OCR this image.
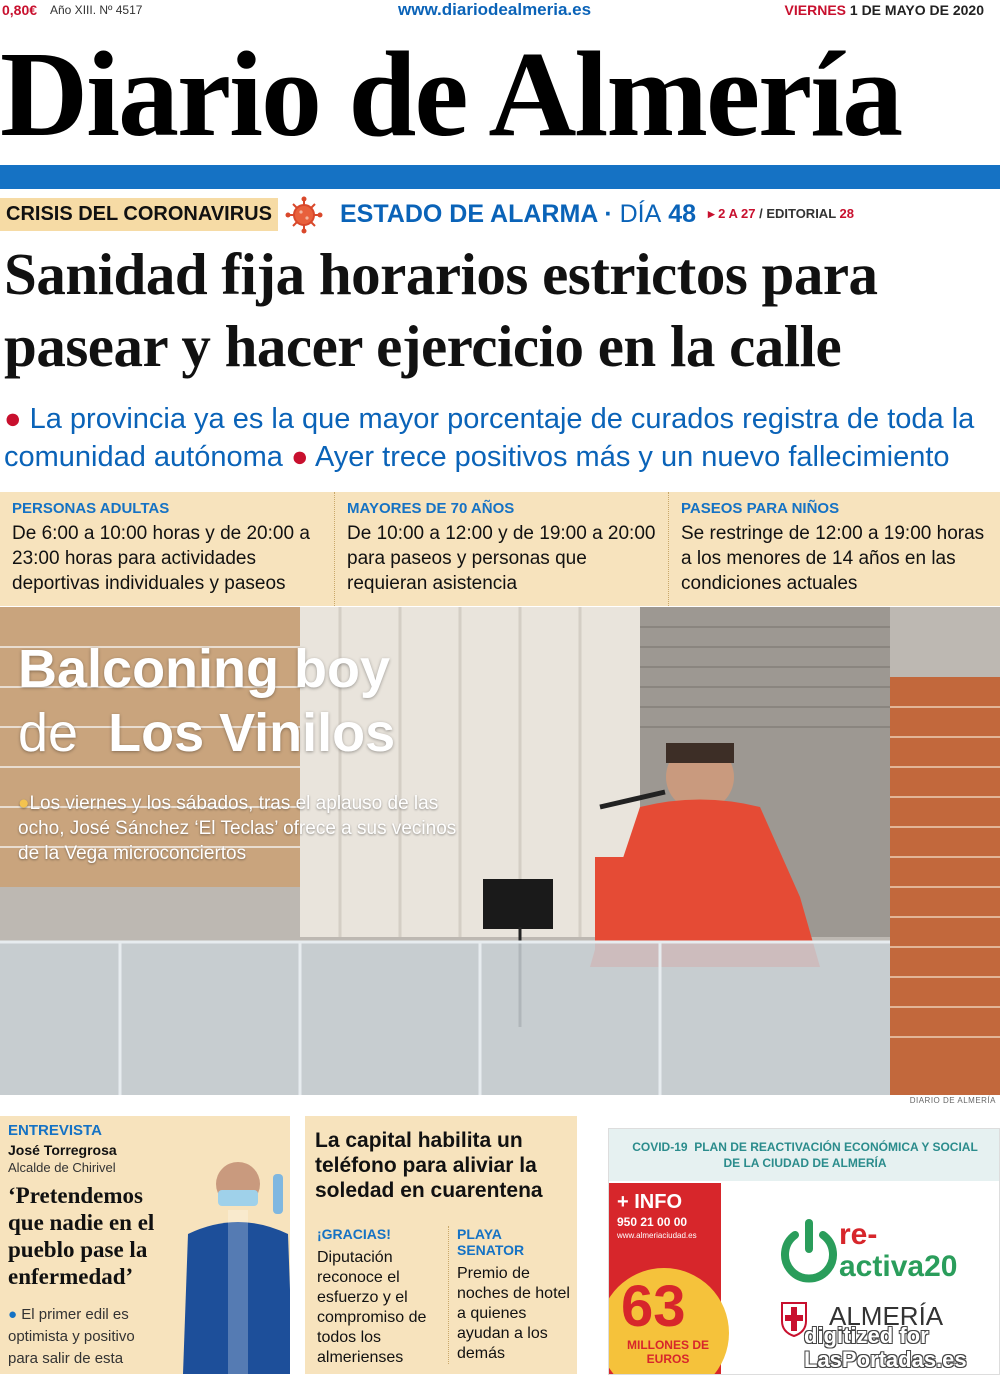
0,80€ Año XIII. Nº 4517	www.diariodealmeria.es	VIERNES 1 DE MAYO DE 2020
Diario de Almería
CRISIS DEL CORONAVIRUS	ESTADO DE ALARMA · DÍA 48 ▸ 2 A 27 / EDITORIAL 28
Sanidad fija horarios estrictos para pasear y hacer ejercicio en la calle

● La provincia ya es la que mayor porcentaje de curados registra de toda la comunidad autónoma ● Ayer trece positivos más y un nuevo fallecimiento

PERSONAS ADULTAS
De 6:00 a 10:00 horas y de 20:00 a 23:00 horas para actividades deportivas individuales y paseos
MAYORES DE 70 AÑOS
De 10:00 a 12:00 y de 19:00 a 20:00 para paseos y personas que requieran asistencia
PASEOS PARA NIÑOS
Se restringe de 12:00 a 19:00 horas a los menores de 14 años en las condiciones actuales
Balconing boy
de Los Vinilos

●Los viernes y los sábados, tras el aplauso de las ocho, José Sánchez ‘El Teclas’ ofrece a sus vecinos de la Vega microconciertos

DIARIO DE ALMERÍA
ENTREVISTA
José Torregrosa
Alcalde de Chirivel
‘Pretendemos que nadie en el pueblo pase la enfermedad’
● El primer edil es optimista y positivo para salir de esta
La capital habilita un teléfono para aliviar la soledad en cuarentena
¡GRACIAS!
Diputación reconoce el esfuerzo y el compromiso de todos los almerienses
PLAYA SENATOR
Premio de noches de hotel a quienes ayudan a los demás
COVID-19 PLAN DE REACTIVACIÓN ECONÓMICA Y SOCIAL
DE LA CIUDAD DE ALMERÍA
+ INFO
950 21 00 00
www.almeriaciudad.es
63
MILLONES DE EUROS
re-
activa20
ALMERÍA
digitized for
LasPortadas.es
